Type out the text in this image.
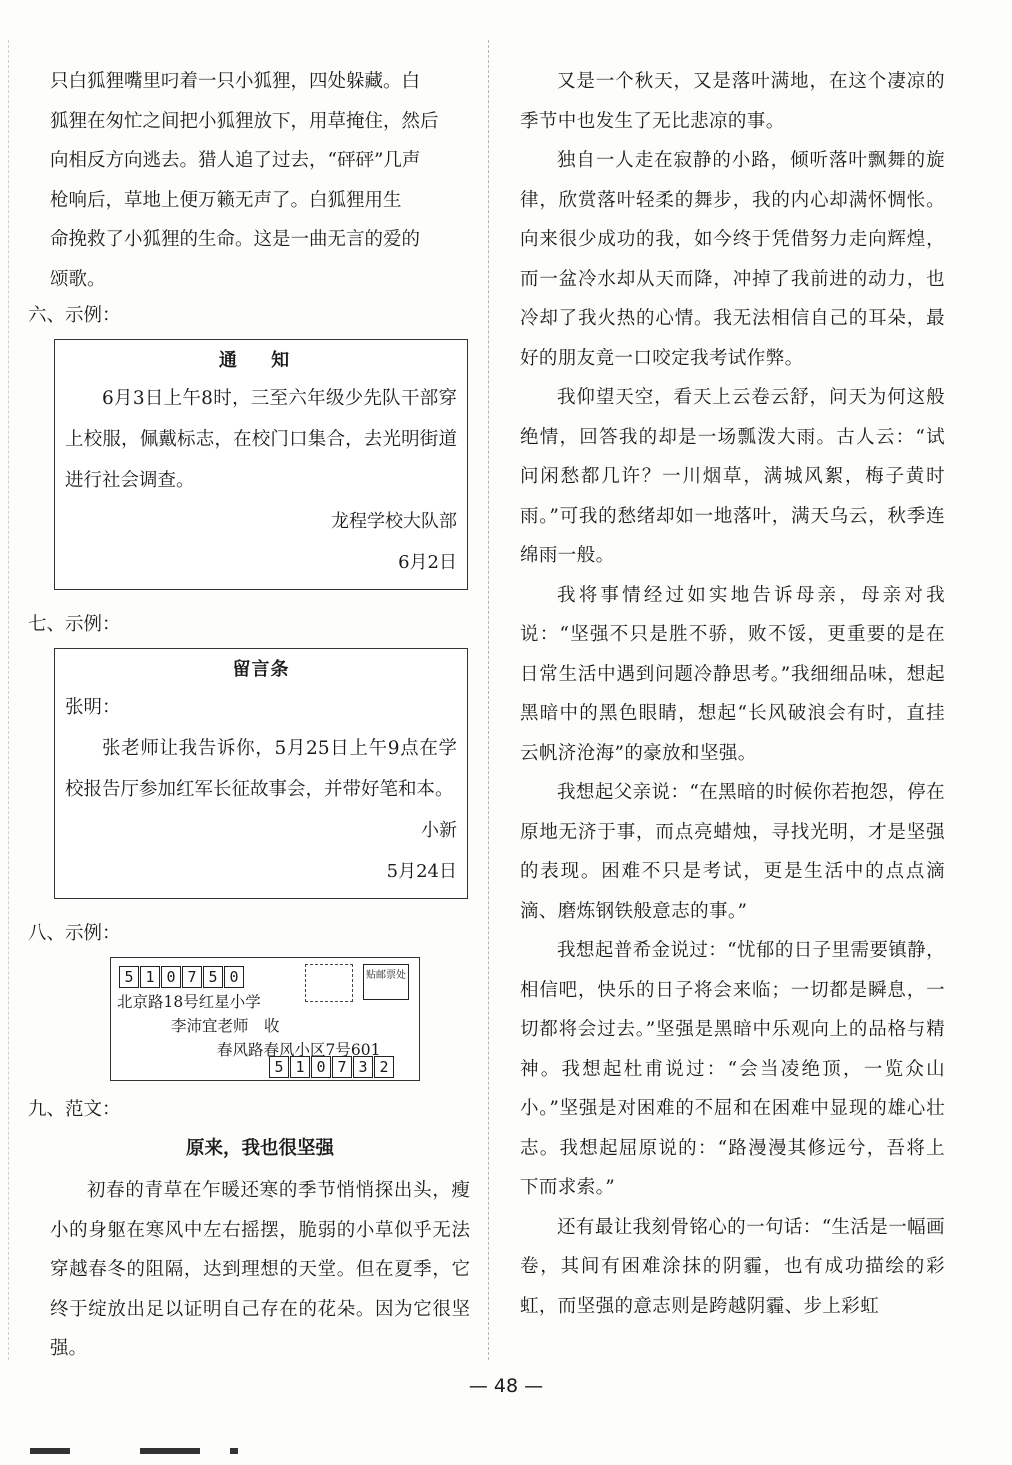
只白狐狸嘴里叼着一只小狐狸，四处躲藏。白

狐狸在匆忙之间把小狐狸放下，用草掩住，然后

向相反方向逃去。猎人追了过去，“砰砰”几声

枪响后，草地上便万籁无声了。白狐狸用生

命挽救了小狐狸的生命。这是一曲无言的爱的

颂歌。

六、示例：
通 知

6月3日上午8时，三至六年级少先队干部穿上校服，佩戴标志，在校门口集合，去光明街道进行社会调查。

龙程学校大队部
6月2日
七、示例：
留言条

张明：

张老师让我告诉你，5月25日上午9点在学校报告厅参加红军长征故事会，并带好笔和本。

小新
5月24日
八、示例：
5 1 0 7 5 0	贴邮票处
北京路18号红星小学
李沛宜老师　收
春风路春风小区7号601
5 1 0 7 3 2
九、范文：
原来，我也很坚强

初春的青草在乍暖还寒的季节悄悄探出头，瘦小的身躯在寒风中左右摇摆，脆弱的小草似乎无法穿越春冬的阻隔，达到理想的天堂。但在夏季，它终于绽放出足以证明自己存在的花朵。因为它很坚强。

又是一个秋天，又是落叶满地，在这个凄凉的季节中也发生了无比悲凉的事。

独自一人走在寂静的小路，倾听落叶飘舞的旋律，欣赏落叶轻柔的舞步，我的内心却满怀惆怅。向来很少成功的我，如今终于凭借努力走向辉煌，而一盆冷水却从天而降，冲掉了我前进的动力，也冷却了我火热的心情。我无法相信自己的耳朵，最好的朋友竟一口咬定我考试作弊。

我仰望天空，看天上云卷云舒，问天为何这般绝情，回答我的却是一场瓢泼大雨。古人云：“试问闲愁都几许？一川烟草，满城风絮，梅子黄时雨。”可我的愁绪却如一地落叶，满天乌云，秋季连绵雨一般。

我将事情经过如实地告诉母亲，母亲对我说：“坚强不只是胜不骄，败不馁，更重要的是在日常生活中遇到问题冷静思考。”我细细品味，想起黑暗中的黑色眼睛，想起“长风破浪会有时，直挂云帆济沧海”的豪放和坚强。

我想起父亲说：“在黑暗的时候你若抱怨，停在原地无济于事，而点亮蜡烛，寻找光明，才是坚强的表现。困难不只是考试，更是生活中的点点滴滴、磨炼钢铁般意志的事。”

我想起普希金说过：“忧郁的日子里需要镇静，相信吧，快乐的日子将会来临；一切都是瞬息，一切都将会过去。”坚强是黑暗中乐观向上的品格与精神。我想起杜甫说过：“会当凌绝顶，一览众山小。”坚强是对困难的不屈和在困难中显现的雄心壮志。我想起屈原说的：“路漫漫其修远兮，吾将上下而求索。”

还有最让我刻骨铭心的一句话：“生活是一幅画卷，其间有困难涂抹的阴霾，也有成功描绘的彩虹，而坚强的意志则是跨越阴霾、步上彩虹

— 48 —
